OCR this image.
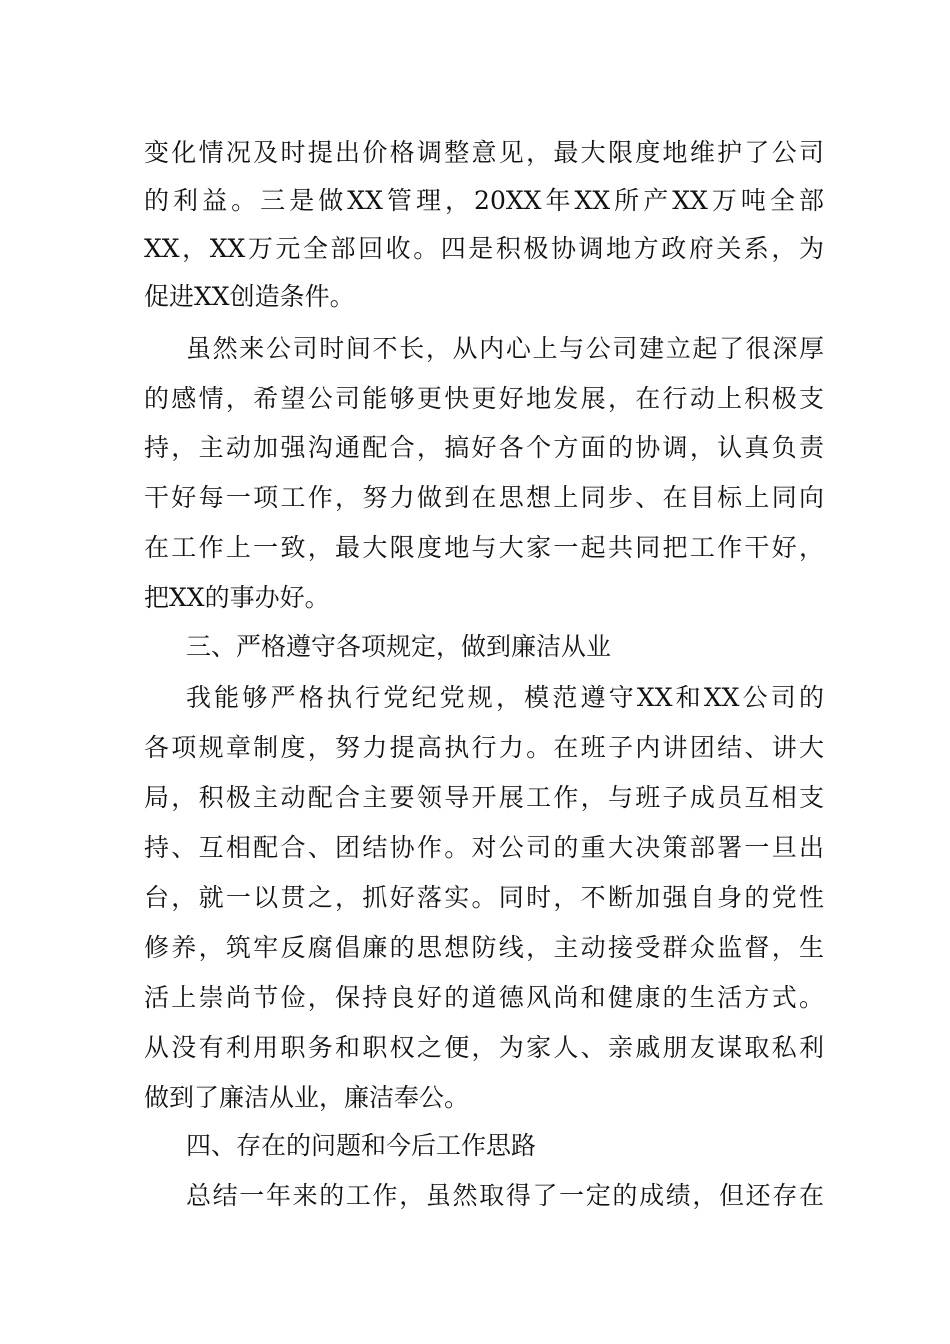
变化情况及时提出价格调整意见，最大限度地维护了公司

的利益。三是做XX管理，20XX年XX所产XX万吨全部

XX，XX万元全部回收。四是积极协调地方政府关系，为

促进XX创造条件。

虽然来公司时间不长，从内心上与公司建立起了很深厚

的感情，希望公司能够更快更好地发展，在行动上积极支

持，主动加强沟通配合，搞好各个方面的协调，认真负责

干好每一项工作，努力做到在思想上同步、在目标上同向

在工作上一致，最大限度地与大家一起共同把工作干好，

把XX的事办好。

三、严格遵守各项规定，做到廉洁从业

我能够严格执行党纪党规，模范遵守XX和XX公司的

各项规章制度，努力提高执行力。在班子内讲团结、讲大

局，积极主动配合主要领导开展工作，与班子成员互相支

持、互相配合、团结协作。对公司的重大决策部署一旦出

台，就一以贯之，抓好落实。同时，不断加强自身的党性

修养，筑牢反腐倡廉的思想防线，主动接受群众监督，生

活上崇尚节俭，保持良好的道德风尚和健康的生活方式。

从没有利用职务和职权之便，为家人、亲戚朋友谋取私利

做到了廉洁从业，廉洁奉公。

四、存在的问题和今后工作思路

总结一年来的工作，虽然取得了一定的成绩，但还存在
